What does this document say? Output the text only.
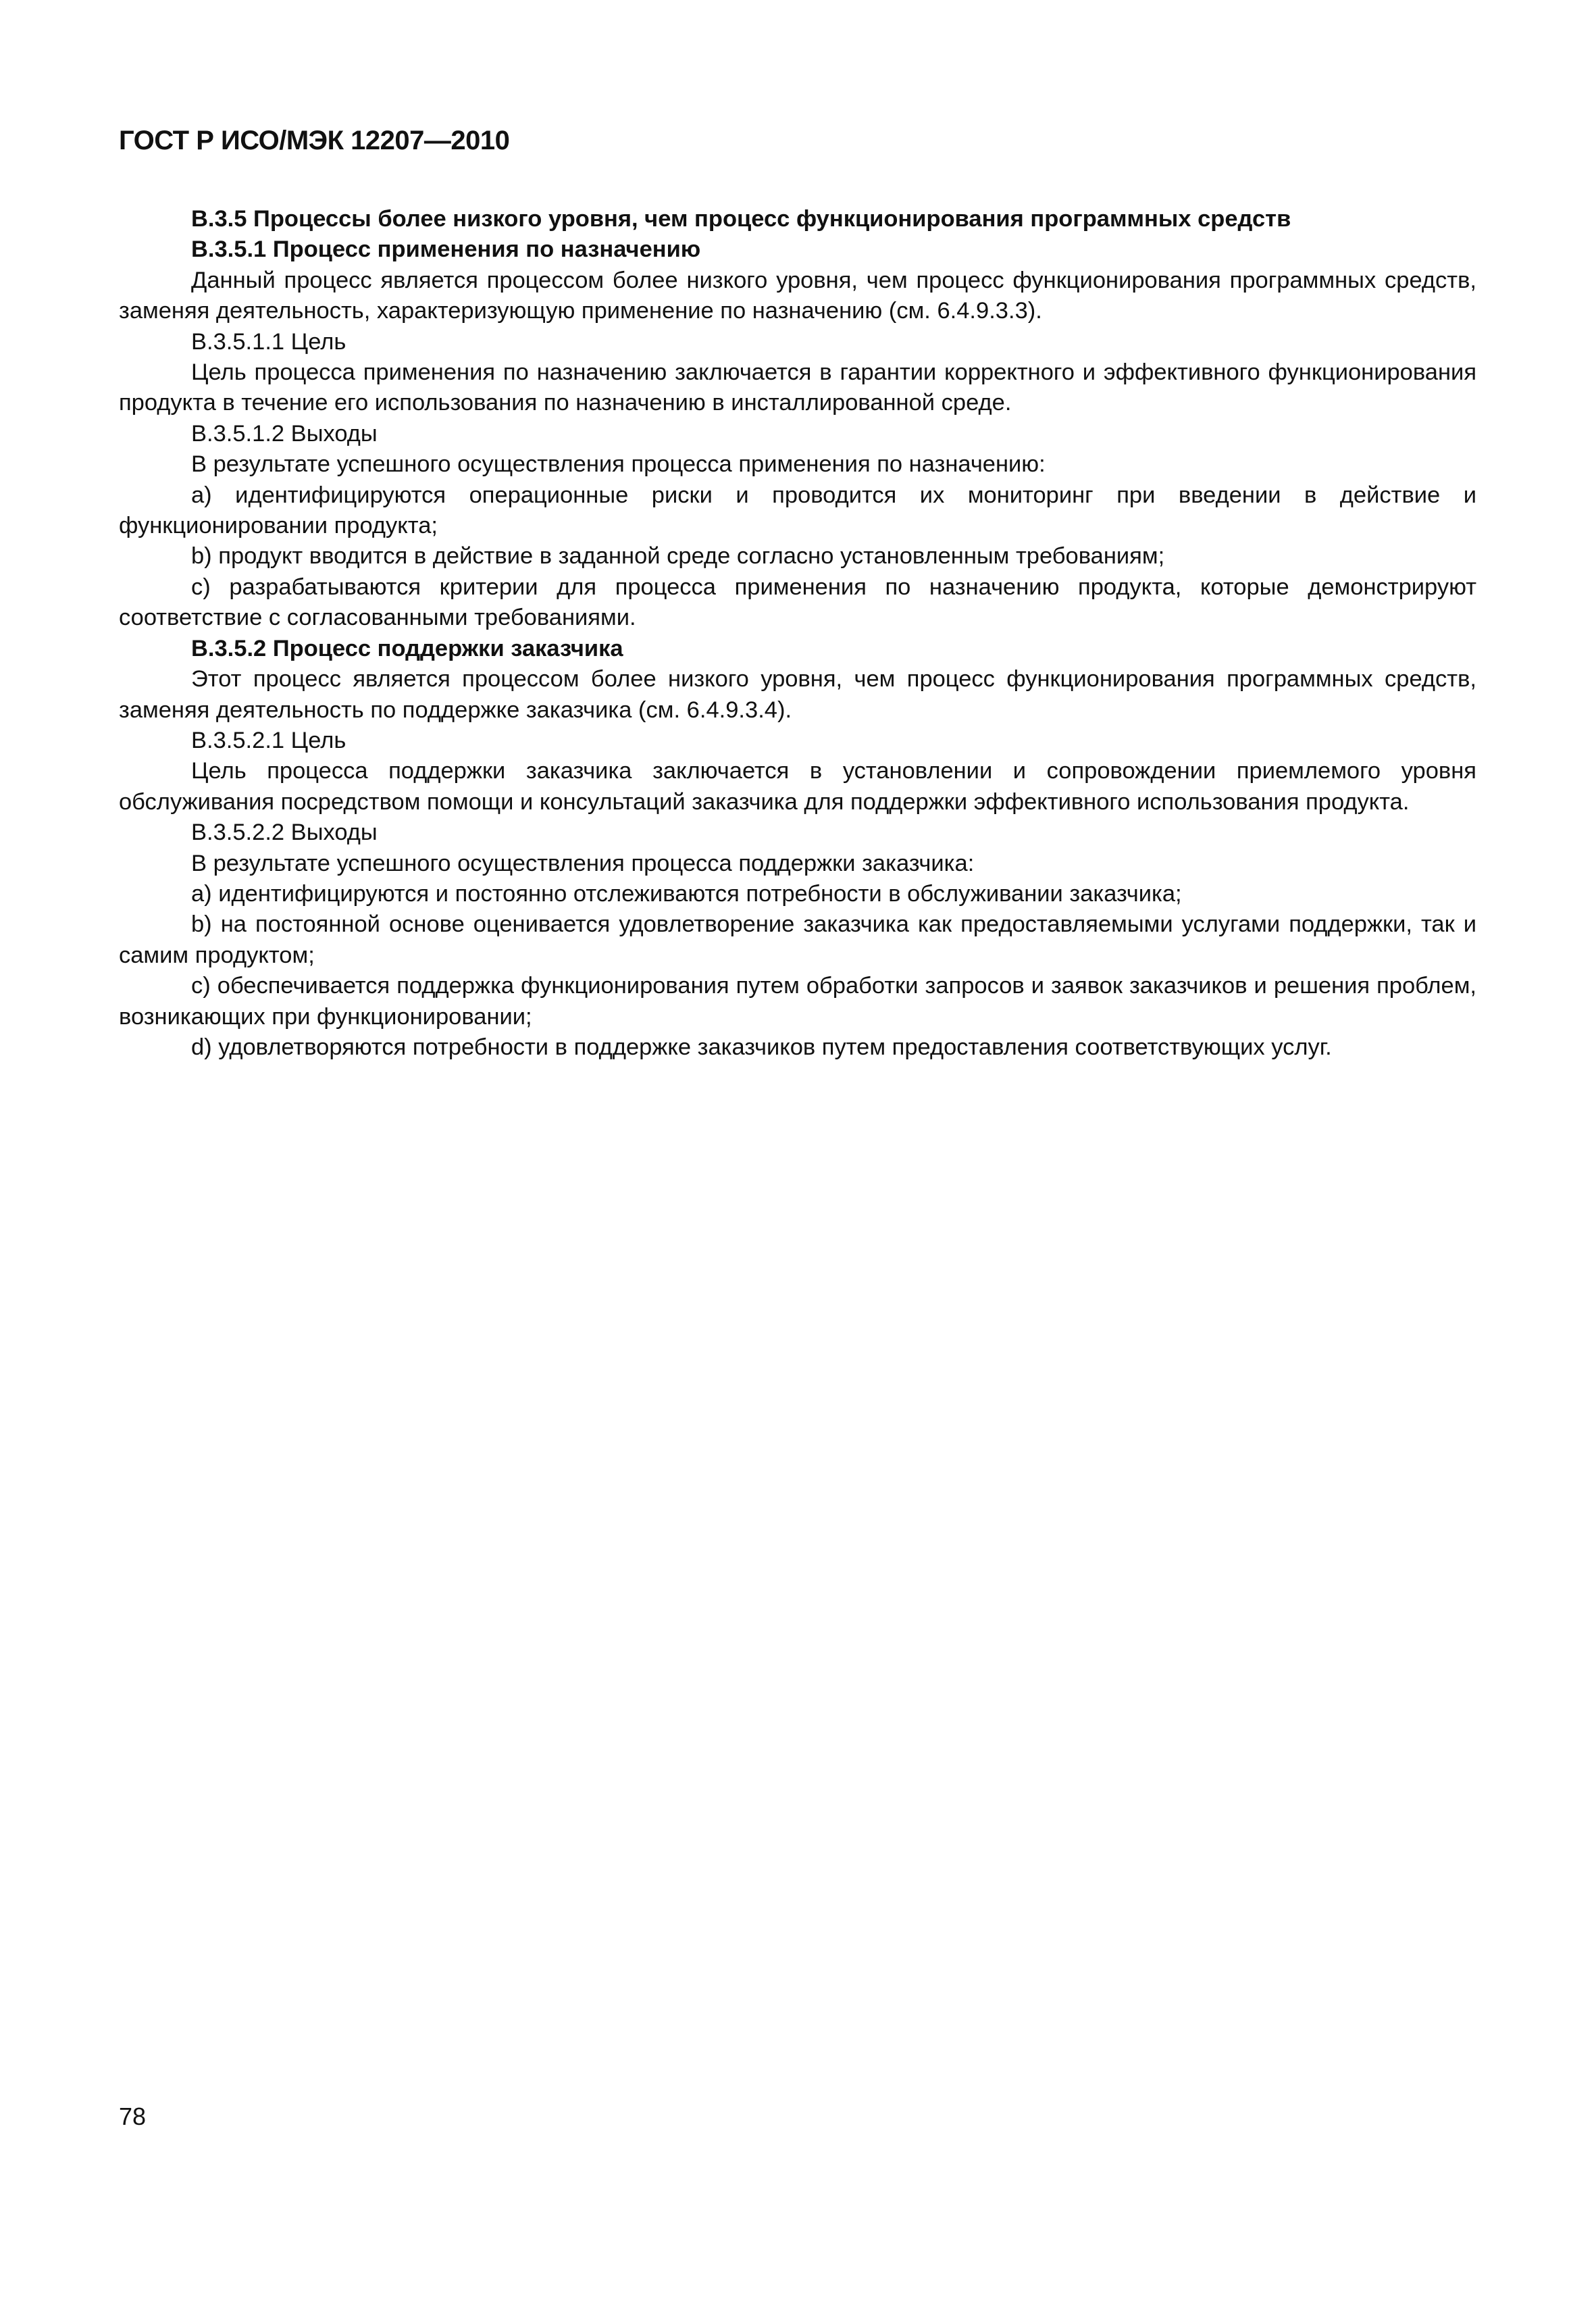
ГОСТ Р ИСО/МЭК 12207—2010

В.3.5 Процессы более низкого уровня, чем процесс функционирования программных средств

В.3.5.1 Процесс применения по назначению

Данный процесс является процессом более низкого уровня, чем процесс функционирования программных средств, заменяя деятельность, характеризующую применение по назначению (см. 6.4.9.3.3).

В.3.5.1.1 Цель

Цель процесса применения по назначению заключается в гарантии корректного и эффективного функционирования продукта в течение его использования по назначению в инсталлированной среде.

В.3.5.1.2 Выходы

В результате успешного осуществления процесса применения по назначению:

а) идентифицируются операционные риски и проводится их мониторинг при введении в действие и функционировании продукта;

b) продукт вводится в действие в заданной среде согласно установленным требованиям;

c) разрабатываются критерии для процесса применения по назначению продукта, которые демонстрируют соответствие с согласованными требованиями.

В.3.5.2 Процесс поддержки заказчика

Этот процесс является процессом более низкого уровня, чем процесс функционирования программных средств, заменяя деятельность по поддержке заказчика (см. 6.4.9.3.4).

В.3.5.2.1 Цель

Цель процесса поддержки заказчика заключается в установлении и сопровождении приемлемого уровня обслуживания посредством помощи и консультаций заказчика для поддержки эффективного использования продукта.

В.3.5.2.2 Выходы

В результате успешного осуществления процесса поддержки заказчика:

а) идентифицируются и постоянно отслеживаются потребности в обслуживании заказчика;

b) на постоянной основе оценивается удовлетворение заказчика как предоставляемыми услугами поддержки, так и самим продуктом;

c) обеспечивается поддержка функционирования путем обработки запросов и заявок заказчиков и решения проблем, возникающих при функционировании;

d) удовлетворяются потребности в поддержке заказчиков путем предоставления соответствующих услуг.

78
